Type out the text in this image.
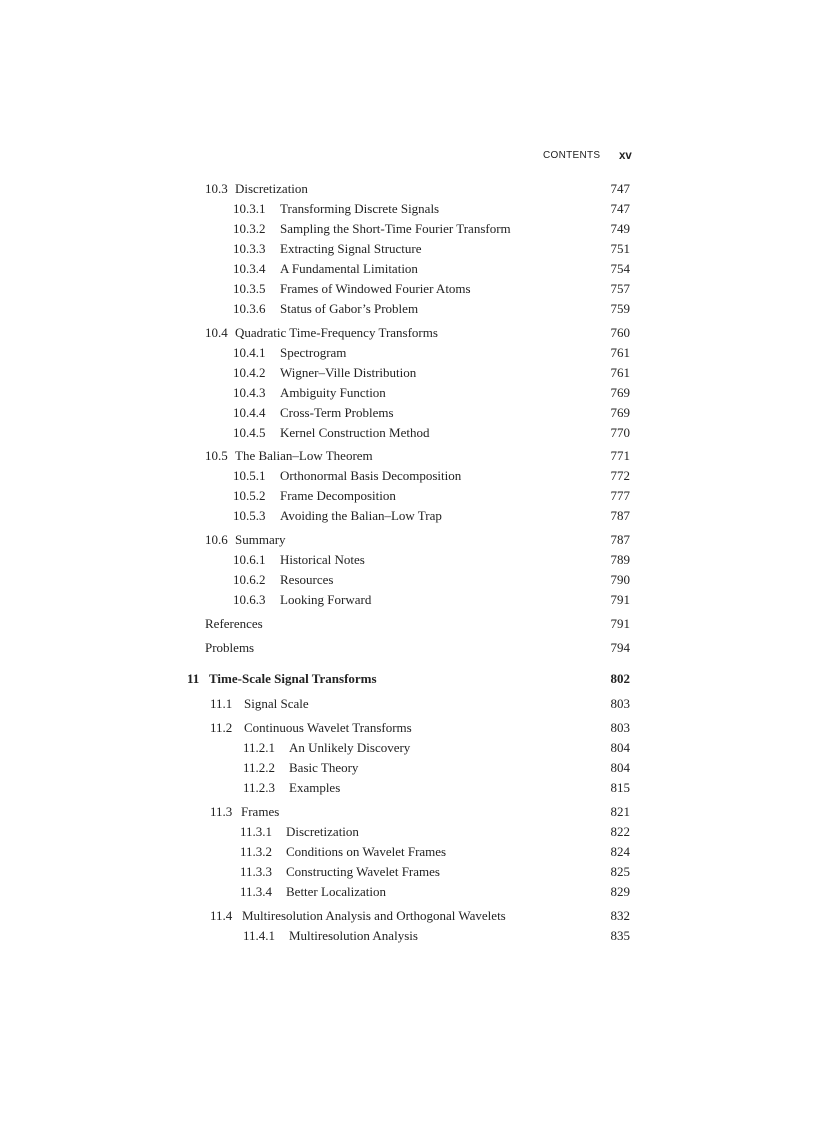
CONTENTS xv
10.3 Discretization	747
10.3.1 Transforming Discrete Signals	747
10.3.2 Sampling the Short-Time Fourier Transform	749
10.3.3 Extracting Signal Structure	751
10.3.4 A Fundamental Limitation	754
10.3.5 Frames of Windowed Fourier Atoms	757
10.3.6 Status of Gabor’s Problem	759
10.4 Quadratic Time-Frequency Transforms	760
10.4.1 Spectrogram	761
10.4.2 Wigner–Ville Distribution	761
10.4.3 Ambiguity Function	769
10.4.4 Cross-Term Problems	769
10.4.5 Kernel Construction Method	770
10.5 The Balian–Low Theorem	771
10.5.1 Orthonormal Basis Decomposition	772
10.5.2 Frame Decomposition	777
10.5.3 Avoiding the Balian–Low Trap	787
10.6 Summary	787
10.6.1 Historical Notes	789
10.6.2 Resources	790
10.6.3 Looking Forward	791
References	791
Problems	794
11 Time-Scale Signal Transforms	802
11.1 Signal Scale	803
11.2 Continuous Wavelet Transforms	803
11.2.1 An Unlikely Discovery	804
11.2.2 Basic Theory	804
11.2.3 Examples	815
11.3 Frames	821
11.3.1 Discretization	822
11.3.2 Conditions on Wavelet Frames	824
11.3.3 Constructing Wavelet Frames	825
11.3.4 Better Localization	829
11.4 Multiresolution Analysis and Orthogonal Wavelets	832
11.4.1 Multiresolution Analysis	835
